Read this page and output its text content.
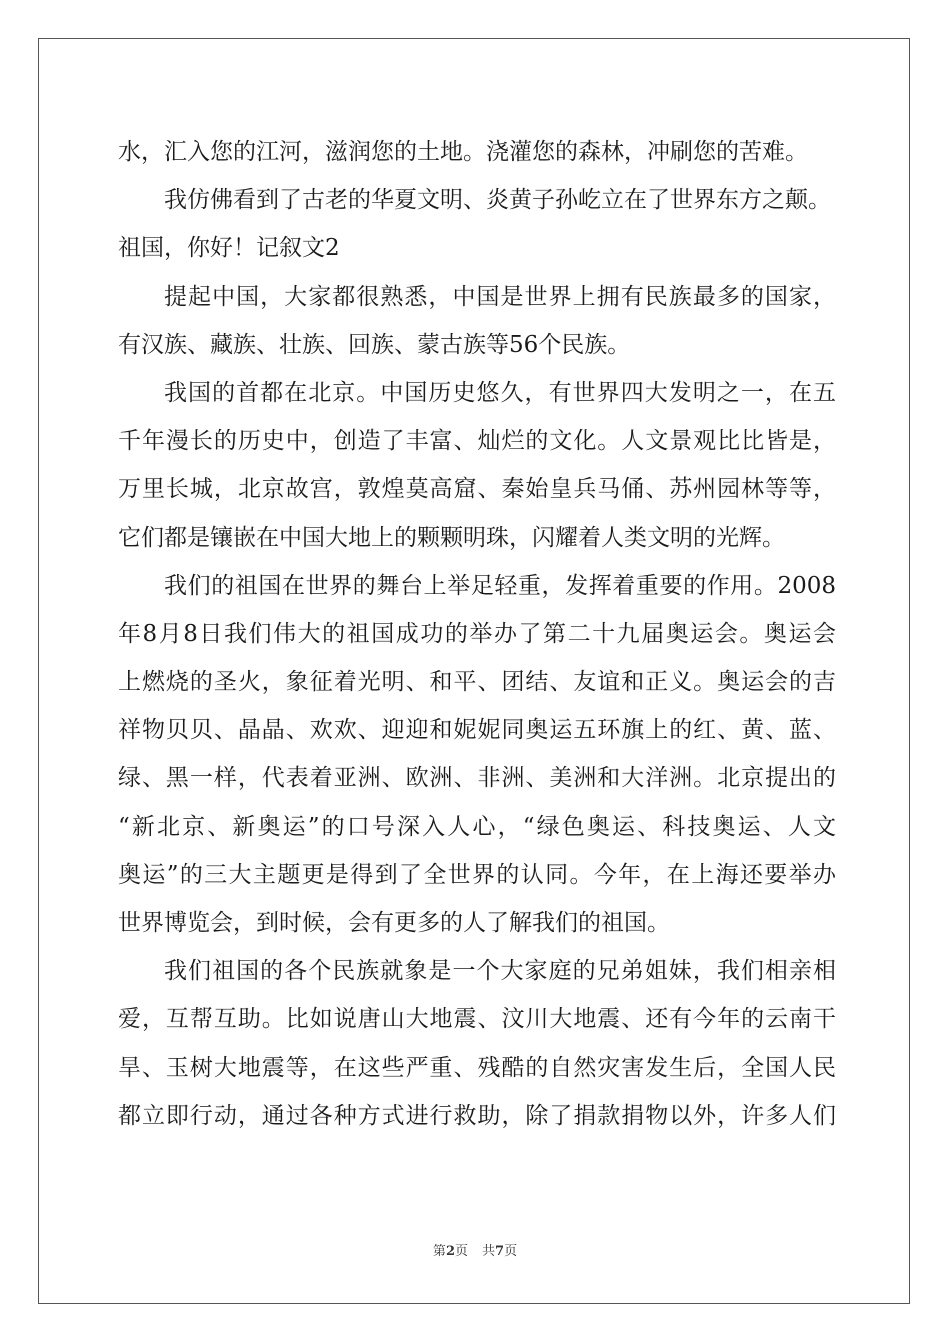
水，汇入您的江河，滋润您的土地。浇灌您的森林，冲刷您的苦难。
我仿佛看到了古老的华夏文明、炎黄子孙屹立在了世界东方之颠。
祖国，你好！记叙文2
提起中国，大家都很熟悉，中国是世界上拥有民族最多的国家，
有汉族、藏族、壮族、回族、蒙古族等56个民族。
我国的首都在北京。中国历史悠久，有世界四大发明之一，在五
千年漫长的历史中，创造了丰富、灿烂的文化。人文景观比比皆是，
万里长城，北京故宫，敦煌莫高窟、秦始皇兵马俑、苏州园林等等，
它们都是镶嵌在中国大地上的颗颗明珠，闪耀着人类文明的光辉。
我们的祖国在世界的舞台上举足轻重，发挥着重要的作用。2008
年8月8日我们伟大的祖国成功的举办了第二十九届奥运会。奥运会
上燃烧的圣火，象征着光明、和平、团结、友谊和正义。奥运会的吉
祥物贝贝、晶晶、欢欢、迎迎和妮妮同奥运五环旗上的红、黄、蓝、
绿、黑一样，代表着亚洲、欧洲、非洲、美洲和大洋洲。北京提出的
“新北京、新奥运”的口号深入人心，“绿色奥运、科技奥运、人文
奥运”的三大主题更是得到了全世界的认同。今年，在上海还要举办
世界博览会，到时候，会有更多的人了解我们的祖国。
我们祖国的各个民族就象是一个大家庭的兄弟姐妹，我们相亲相
爱，互帮互助。比如说唐山大地震、汶川大地震、还有今年的云南干
旱、玉树大地震等，在这些严重、残酷的自然灾害发生后，全国人民
都立即行动，通过各种方式进行救助，除了捐款捐物以外，许多人们
第2页 共7页
